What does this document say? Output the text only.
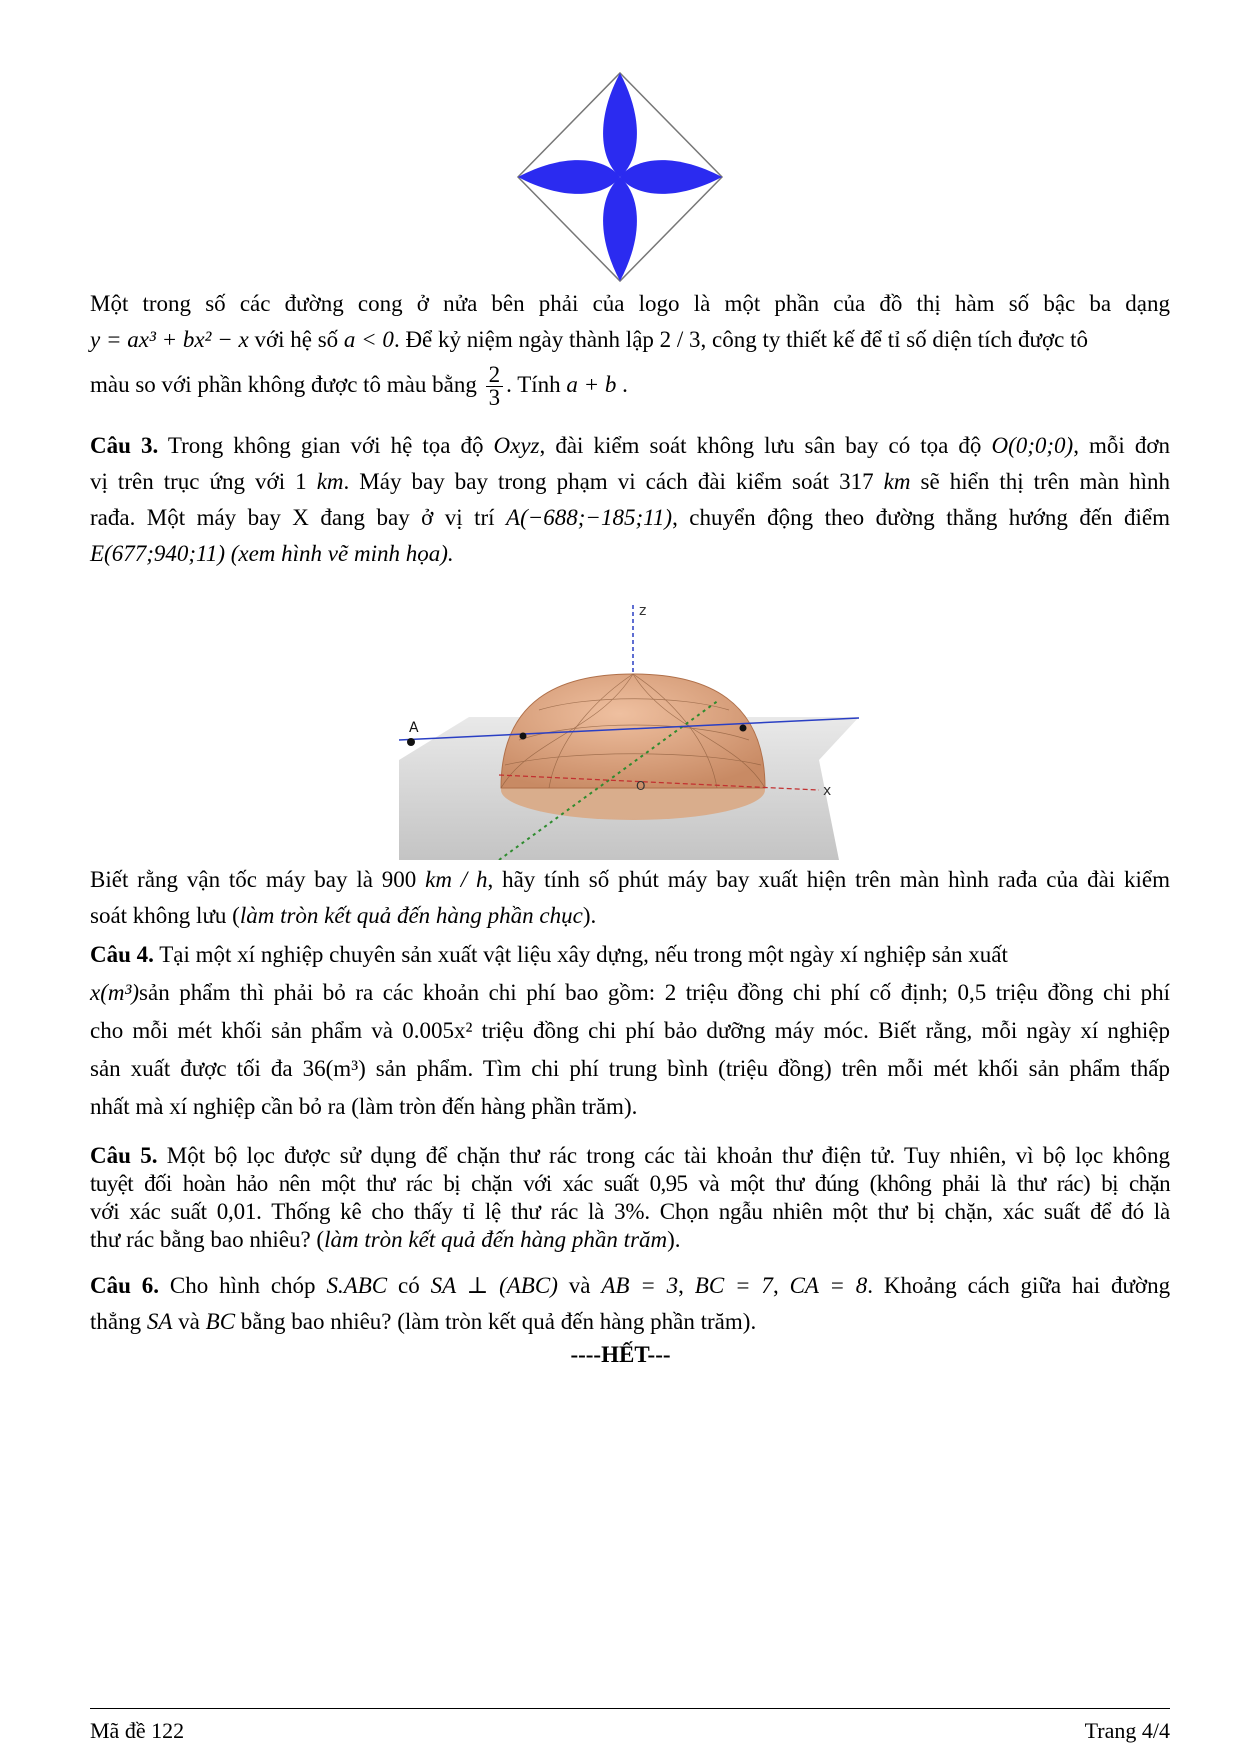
Một trong số các đường cong ở nửa bên phải của logo là một phần của đồ thị hàm số bậc ba dạng
y = ax³ + bx² − x với hệ số a < 0. Để kỷ niệm ngày thành lập 2 / 3, công ty thiết kế để tỉ số diện tích được tô
màu so với phần không được tô màu bằng $\frac{2}{3}$ . Tính a + b .
Câu 3. Trong không gian với hệ tọa độ Oxyz, đài kiểm soát không lưu sân bay có tọa độ O(0;0;0), mỗi đơn
vị trên trục ứng với 1 km. Máy bay bay trong phạm vi cách đài kiểm soát 317 km sẽ hiển thị trên màn hình
rađa. Một máy bay X đang bay ở vị trí A(−688;−185;11), chuyển động theo đường thẳng hướng đến điểm
E(677;940;11) (xem hình vẽ minh họa).
z
x
A
O
Biết rằng vận tốc máy bay là 900 km / h, hãy tính số phút máy bay xuất hiện trên màn hình rađa của đài kiểm
soát không lưu (làm tròn kết quả đến hàng phần chục).
Câu 4. Tại một xí nghiệp chuyên sản xuất vật liệu xây dựng, nếu trong một ngày xí nghiệp sản xuất
x(m³)sản phẩm thì phải bỏ ra các khoản chi phí bao gồm: 2 triệu đồng chi phí cố định; 0,5 triệu đồng chi phí
cho mỗi mét khối sản phẩm và 0.005x² triệu đồng chi phí bảo dưỡng máy móc. Biết rằng, mỗi ngày xí nghiệp
sản xuất được tối đa 36(m³) sản phẩm. Tìm chi phí trung bình (triệu đồng) trên mỗi mét khối sản phẩm thấp
nhất mà xí nghiệp cần bỏ ra (làm tròn đến hàng phần trăm).
Câu 5. Một bộ lọc được sử dụng để chặn thư rác trong các tài khoản thư điện tử. Tuy nhiên, vì bộ lọc không
tuyệt đối hoàn hảo nên một thư rác bị chặn với xác suất 0,95 và một thư đúng (không phải là thư rác) bị chặn
với xác suất 0,01. Thống kê cho thấy tỉ lệ thư rác là 3%. Chọn ngẫu nhiên một thư bị chặn, xác suất để đó là
thư rác bằng bao nhiêu? (làm tròn kết quả đến hàng phần trăm).
Câu 6. Cho hình chóp S.ABC có SA ⊥ (ABC) và AB = 3, BC = 7, CA = 8. Khoảng cách giữa hai đường
thẳng SA và BC bằng bao nhiêu? (làm tròn kết quả đến hàng phần trăm).
----HẾT---
Mã đề 122	Trang 4/4
